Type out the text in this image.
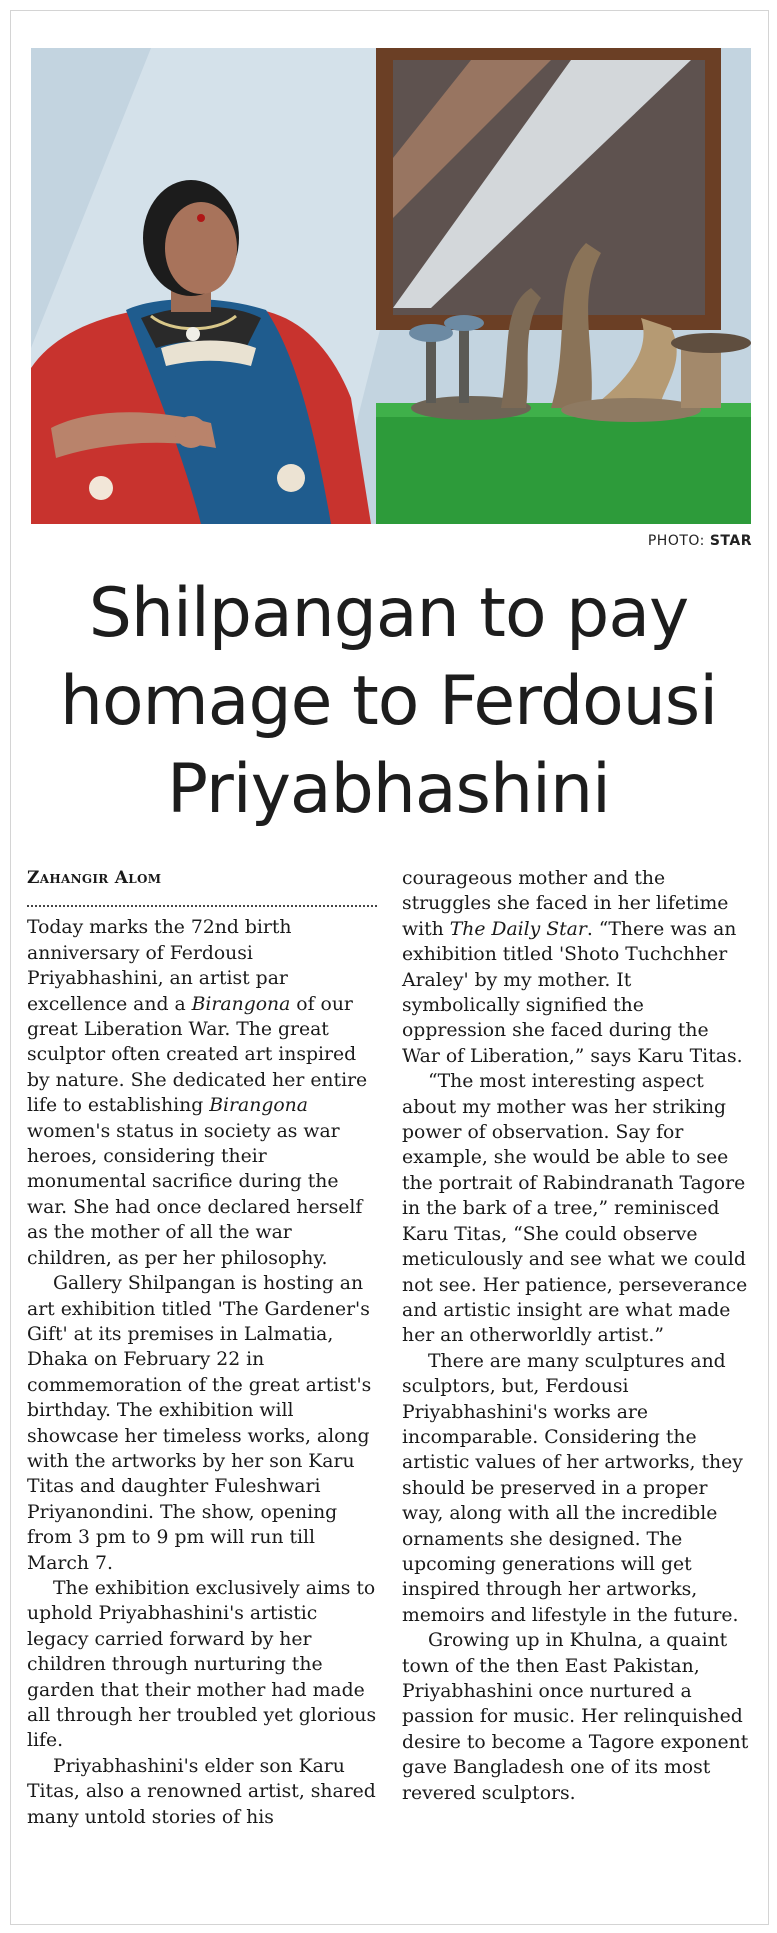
PHOTO: STAR
Shilpangan to pay homage to Ferdousi Priyabhashini
Zahangir Alom

Today marks the 72nd birth anniversary of Ferdousi Priyabhashini, an artist par excellence and a Birangona of our great Liberation War. The great sculptor often created art inspired by nature. She dedicated her entire life to establishing Birangona women's status in society as war heroes, considering their monumental sacrifice during the war. She had once declared herself as the mother of all the war children, as per her philosophy.

Gallery Shilpangan is hosting an art exhibition titled 'The Gardener's Gift' at its premises in Lalmatia, Dhaka on February 22 in commemoration of the great artist's birthday. The exhibition will showcase her timeless works, along with the artworks by her son Karu Titas and daughter Fuleshwari Priyanondini. The show, opening from 3 pm to 9 pm will run till March 7.

The exhibition exclusively aims to uphold Priyabhashini's artistic legacy carried forward by her children through nurturing the garden that their mother had made all through her troubled yet glorious life.

Priyabhashini's elder son Karu Titas, also a renowned artist, shared many untold stories of his

courageous mother and the struggles she faced in her lifetime with The Daily Star. “There was an exhibition titled 'Shoto Tuchchher Araley' by my mother. It symbolically signified the oppression she faced during the War of Liberation,” says Karu Titas.

“The most interesting aspect about my mother was her striking power of observation. Say for example, she would be able to see the portrait of Rabindranath Tagore in the bark of a tree,” reminisced Karu Titas, “She could observe meticulously and see what we could not see. Her patience, perseverance and artistic insight are what made her an otherworldly artist.”

There are many sculptures and sculptors, but, Ferdousi Priyabhashini's works are incomparable. Considering the artistic values of her artworks, they should be preserved in a proper way, along with all the incredible ornaments she designed. The upcoming generations will get inspired through her artworks, memoirs and lifestyle in the future.

Growing up in Khulna, a quaint town of the then East Pakistan, Priyabhashini once nurtured a passion for music. Her relinquished desire to become a Tagore exponent gave Bangladesh one of its most revered sculptors.
